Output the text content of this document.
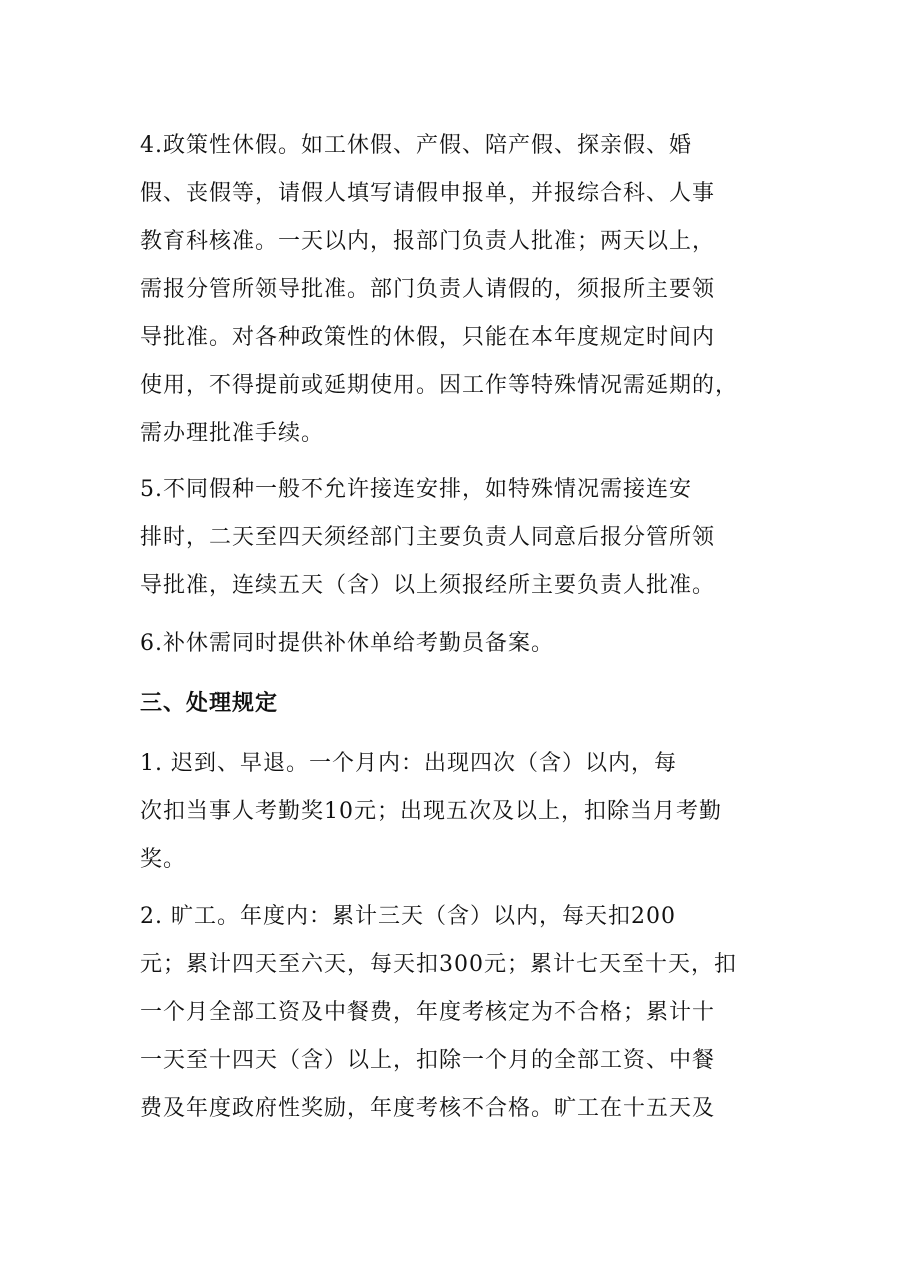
4.政策性休假。如工休假、产假、陪产假、探亲假、婚
假、丧假等，请假人填写请假申报单，并报综合科、人事
教育科核准。一天以内，报部门负责人批准；两天以上，
需报分管所领导批准。部门负责人请假的，须报所主要领
导批准。对各种政策性的休假，只能在本年度规定时间内
使用，不得提前或延期使用。因工作等特殊情况需延期的，
需办理批准手续。
5.不同假种一般不允许接连安排，如特殊情况需接连安
排时，二天至四天须经部门主要负责人同意后报分管所领
导批准，连续五天（含）以上须报经所主要负责人批准。
6.补休需同时提供补休单给考勤员备案。
三、处理规定
1. 迟到、早退。一个月内：出现四次（含）以内，每
次扣当事人考勤奖10元；出现五次及以上，扣除当月考勤
奖。
2. 旷工。年度内：累计三天（含）以内，每天扣200
元；累计四天至六天，每天扣300元；累计七天至十天，扣
一个月全部工资及中餐费，年度考核定为不合格；累计十
一天至十四天（含）以上，扣除一个月的全部工资、中餐
费及年度政府性奖励，年度考核不合格。旷工在十五天及
